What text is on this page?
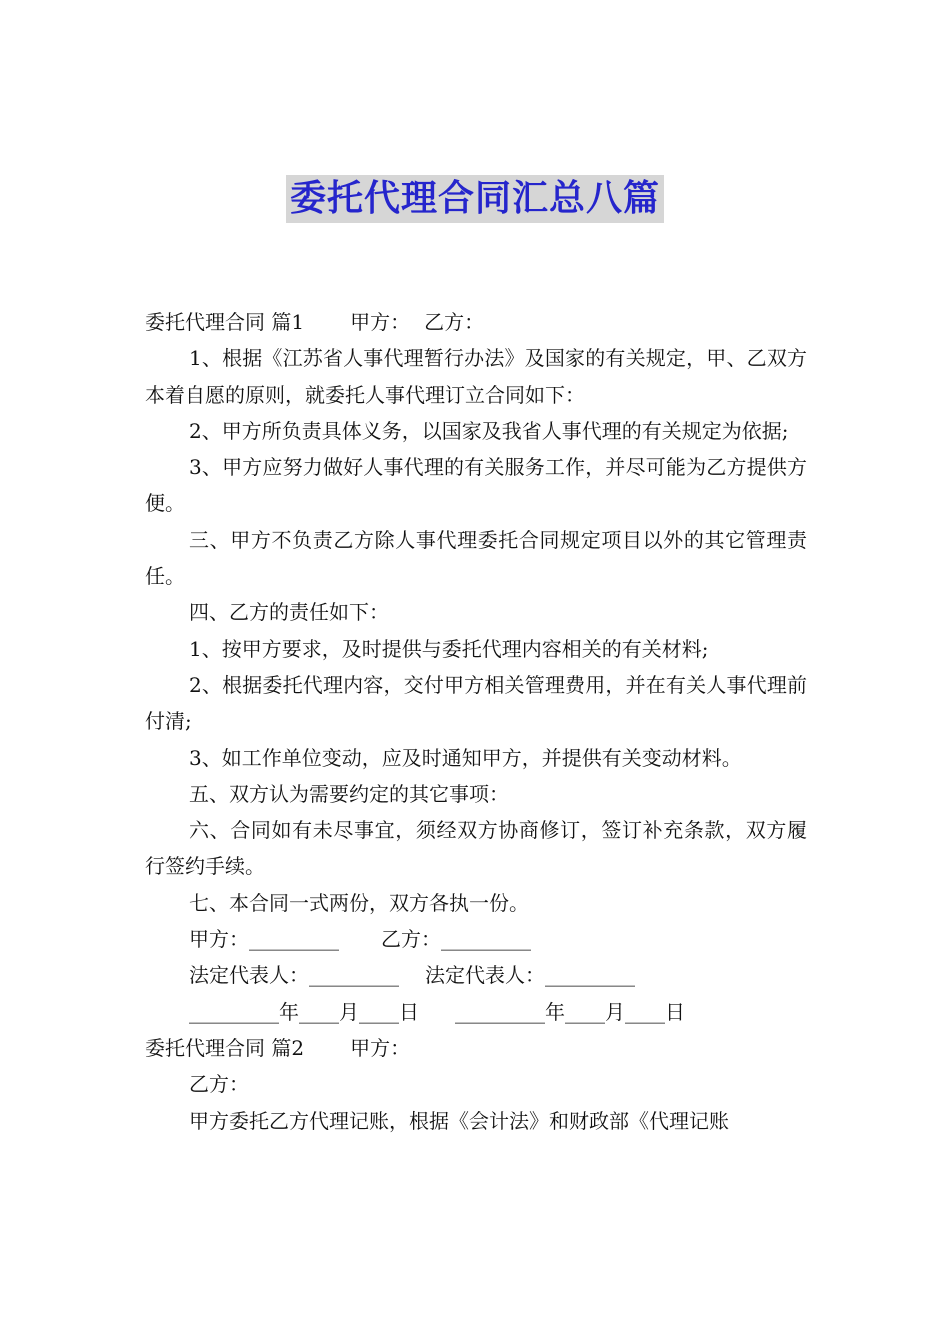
委托代理合同汇总八篇

委托代理合同 篇1 甲方： 乙方：

1、根据《江苏省人事代理暂行办法》及国家的有关规定，甲、乙双方本着自愿的原则，就委托人事代理订立合同如下：

2、甲方所负责具体义务，以国家及我省人事代理的有关规定为依据;

3、甲方应努力做好人事代理的有关服务工作，并尽可能为乙方提供方便。

三、甲方不负责乙方除人事代理委托合同规定项目以外的其它管理责任。

四、乙方的责任如下：

1、按甲方要求，及时提供与委托代理内容相关的有关材料;

2、根据委托代理内容，交付甲方相关管理费用，并在有关人事代理前付清;

3、如工作单位变动，应及时通知甲方，并提供有关变动材料。

五、双方认为需要约定的其它事项：

六、合同如有未尽事宜，须经双方协商修订，签订补充条款，双方履行签约手续。

七、本合同一式两份，双方各执一份。

甲方：_________ 乙方：_________

法定代表人：_________ 法定代表人：_________

_________年____月____日 _________年____月____日

委托代理合同 篇2 甲方：

乙方：

甲方委托乙方代理记账，根据《会计法》和财政部《代理记账
